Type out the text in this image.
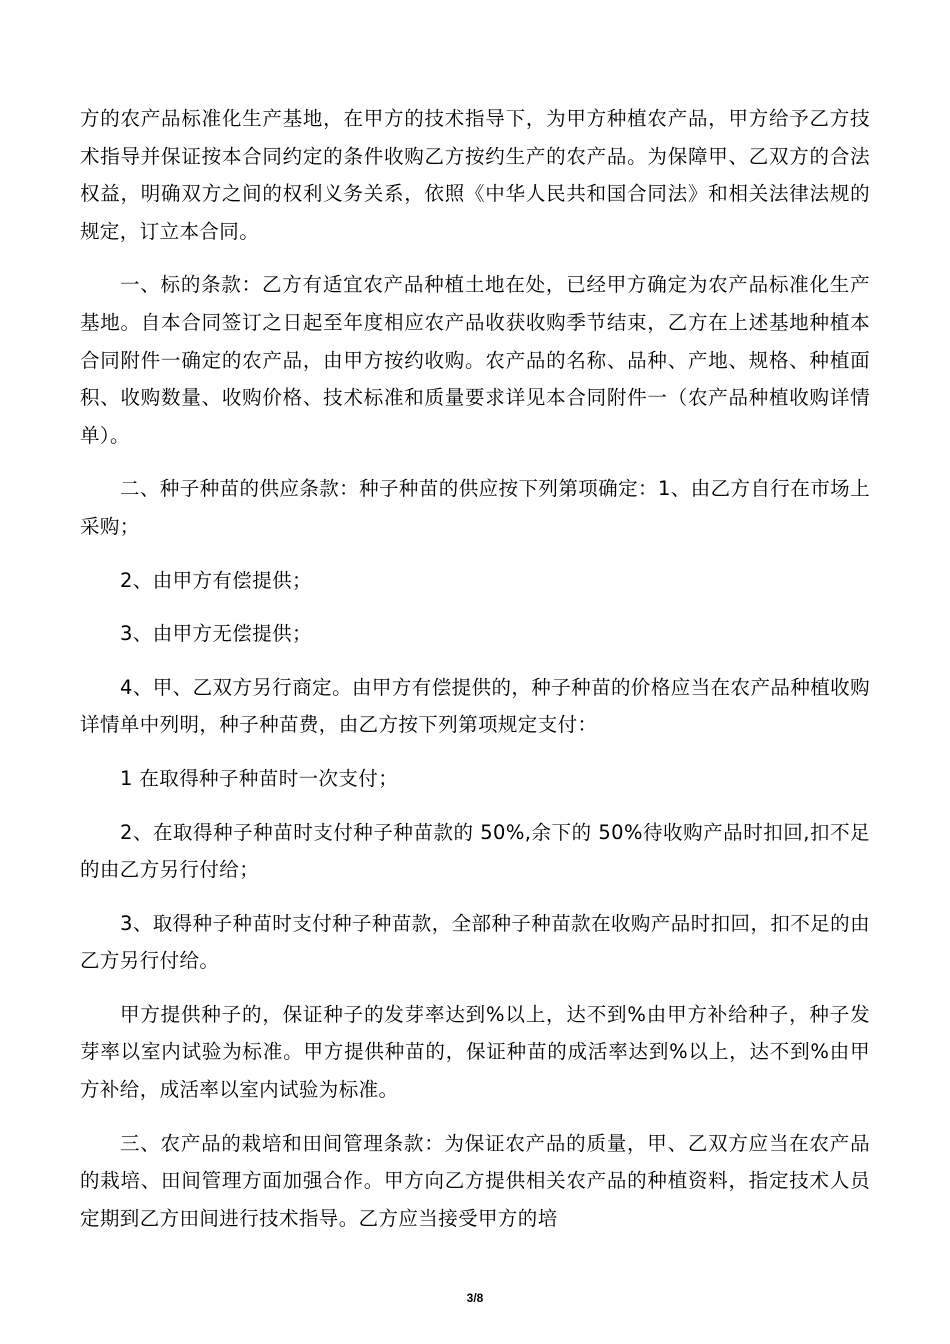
方的农产品标准化生产基地，在甲方的技术指导下，为甲方种植农产品，甲方给予乙方技术指导并保证按本合同约定的条件收购乙方按约生产的农产品。为保障甲、乙双方的合法权益，明确双方之间的权利义务关系，依照《中华人民共和国合同法》和相关法律法规的规定，订立本合同。

一、标的条款：乙方有适宜农产品种植土地在处，已经甲方确定为农产品标准化生产基地。自本合同签订之日起至年度相应农产品收获收购季节结束，乙方在上述基地种植本合同附件一确定的农产品，由甲方按约收购。农产品的名称、品种、产地、规格、种植面积、收购数量、收购价格、技术标准和质量要求详见本合同附件一（农产品种植收购详情单）。

二、种子种苗的供应条款：种子种苗的供应按下列第项确定：1、由乙方自行在市场上采购；

2、由甲方有偿提供；

3、由甲方无偿提供；

4、甲、乙双方另行商定。由甲方有偿提供的，种子种苗的价格应当在农产品种植收购详情单中列明，种子种苗费，由乙方按下列第项规定支付：

1 在取得种子种苗时一次支付；

2、在取得种子种苗时支付种子种苗款的 50%,余下的 50%待收购产品时扣回,扣不足的由乙方另行付给；

3、取得种子种苗时支付种子种苗款，全部种子种苗款在收购产品时扣回，扣不足的由乙方另行付给。

甲方提供种子的，保证种子的发芽率达到%以上，达不到%由甲方补给种子，种子发芽率以室内试验为标准。甲方提供种苗的，保证种苗的成活率达到%以上，达不到%由甲方补给，成活率以室内试验为标准。

三、农产品的栽培和田间管理条款：为保证农产品的质量，甲、乙双方应当在农产品的栽培、田间管理方面加强合作。甲方向乙方提供相关农产品的种植资料，指定技术人员定期到乙方田间进行技术指导。乙方应当接受甲方的培

3/8
